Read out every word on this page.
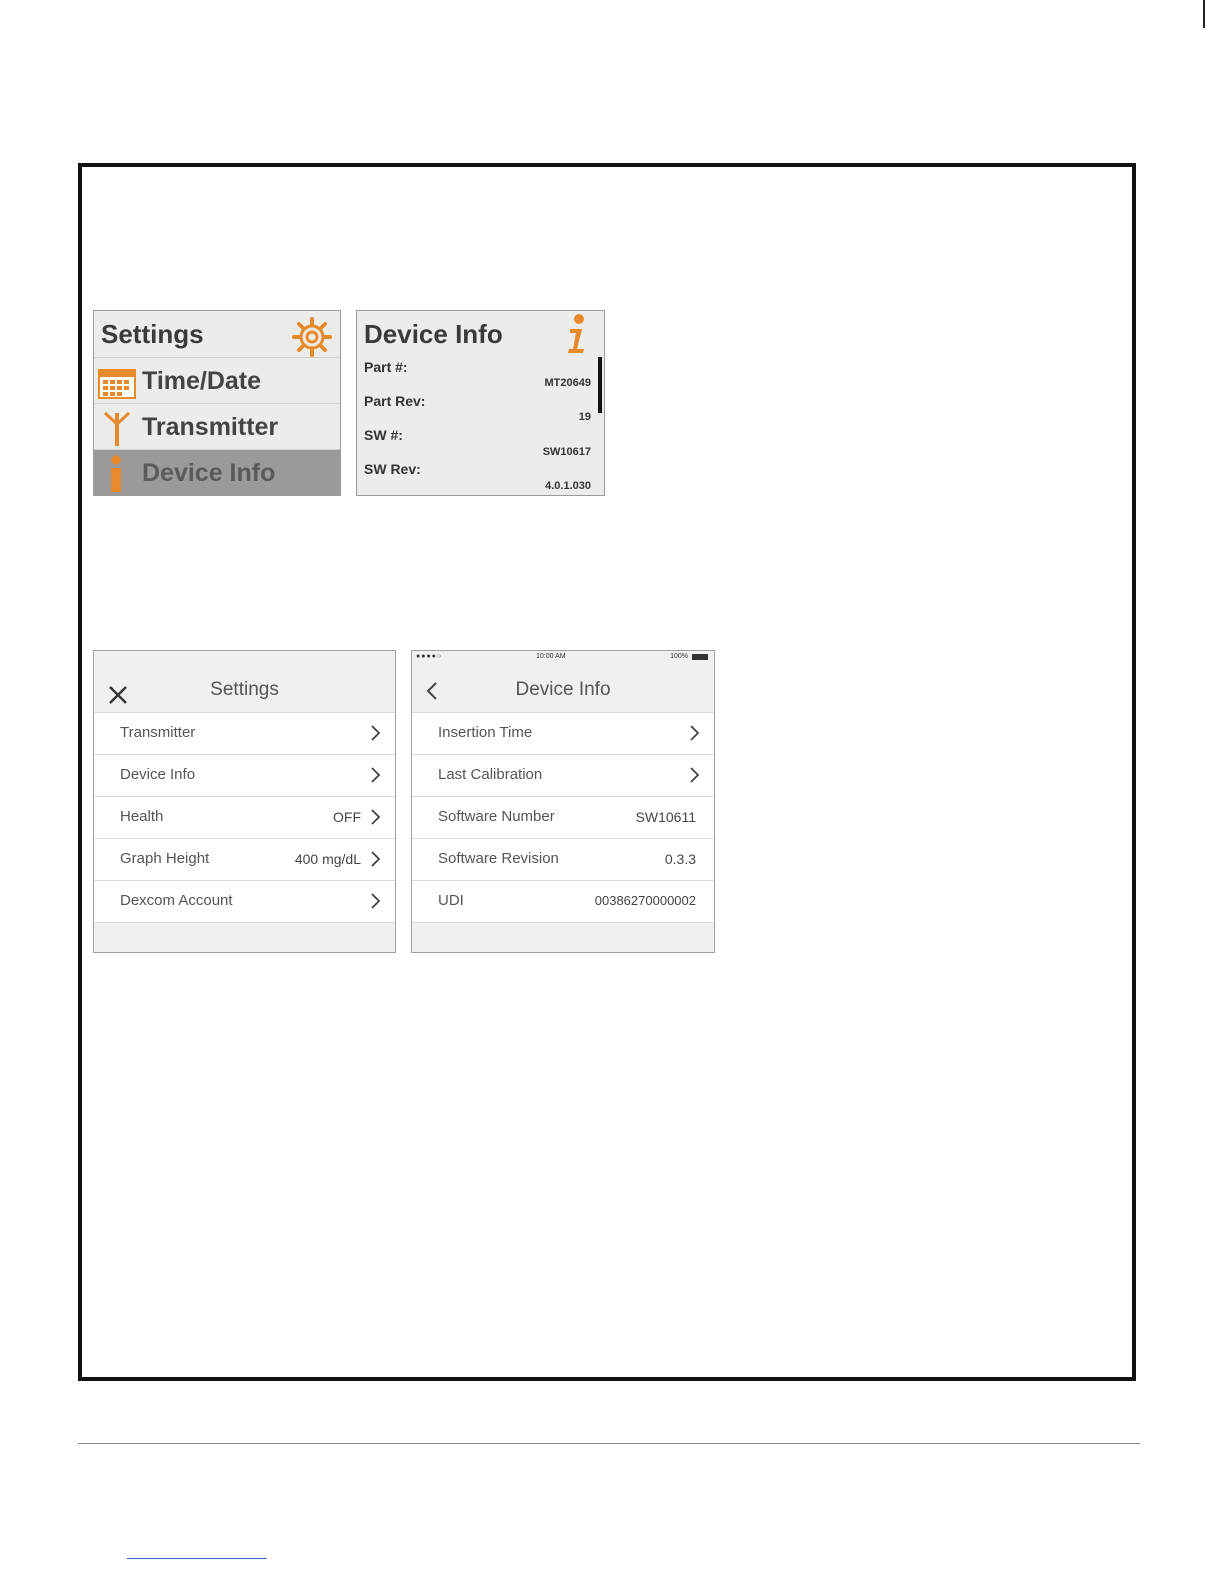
Settings
Time/Date
Transmitter
Device Info
Device Info
Part #:
MT20649
Part Rev:
19
SW #:
SW10617
SW Rev:
4.0.1.030
Settings
Transmitter
Device Info
Health	OFF
Graph Height	400 mg/dL
Dexcom Account
●●●●○	10:00 AM	100%
Device Info
Insertion Time
Last Calibration
Software Number	SW10611
Software Revision	0.3.3
UDI	00386270000002
